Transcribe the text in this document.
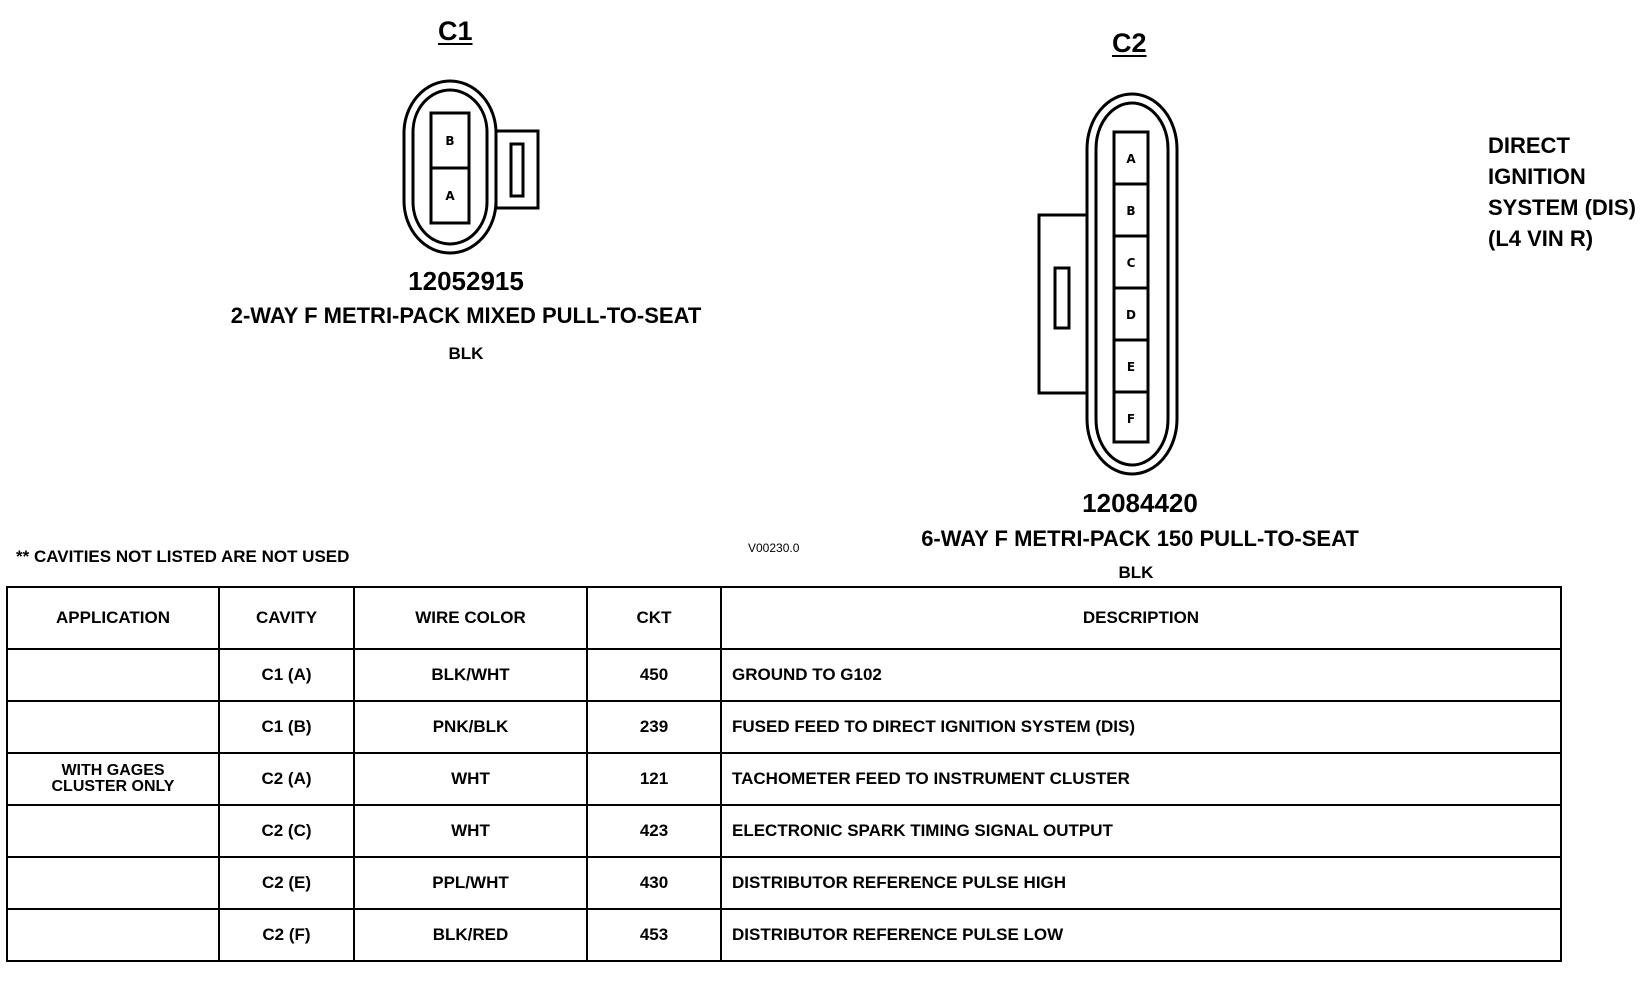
C1
B
A
12052915
2-WAY F METRI-PACK MIXED PULL-TO-SEAT
BLK
C2
A
B
C
D
E
F
12084420
6-WAY F METRI-PACK 150 PULL-TO-SEAT
BLK
DIRECT
IGNITION
SYSTEM (DIS)
(L4 VIN R)
** CAVITIES NOT LISTED ARE NOT USED	V00230.0
APPLICATION	CAVITY	WIRE COLOR	CKT	DESCRIPTION
	C1 (A)	BLK/WHT	450	GROUND TO G102
	C1 (B)	PNK/BLK	239	FUSED FEED TO DIRECT IGNITION SYSTEM (DIS)
WITH GAGES
CLUSTER ONLY	C2 (A)	WHT	121	TACHOMETER FEED TO INSTRUMENT CLUSTER
	C2 (C)	WHT	423	ELECTRONIC SPARK TIMING SIGNAL OUTPUT
	C2 (E)	PPL/WHT	430	DISTRIBUTOR REFERENCE PULSE HIGH
	C2 (F)	BLK/RED	453	DISTRIBUTOR REFERENCE PULSE LOW
